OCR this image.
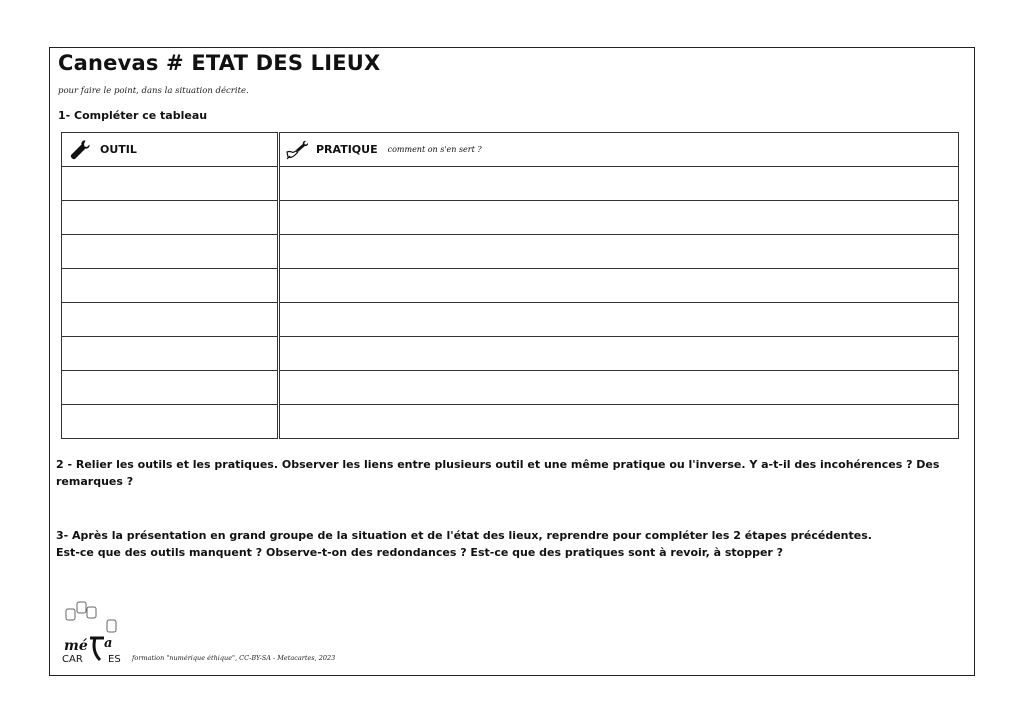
Canevas # ETAT DES LIEUX
pour faire le point, dans la situation décrite.
1- Compléter ce tableau
OUTIL	PRATIQUE comment on s'en sert ?

2 - Relier les outils et les pratiques. Observer les liens entre plusieurs outil et une même pratique ou l'inverse. Y a-t-il des incohérences ? Des remarques ?
3- Après la présentation en grand groupe de la situation et de l'état des lieux, reprendre pour compléter les 2 étapes précédentes.
Est-ce que des outils manquent ? Observe-t-on des redondances ? Est-ce que des pratiques sont à revoir, à stopper ?
mé a
CAR	ES formation "numérique éthique", CC-BY-SA - Metacartes, 2023
